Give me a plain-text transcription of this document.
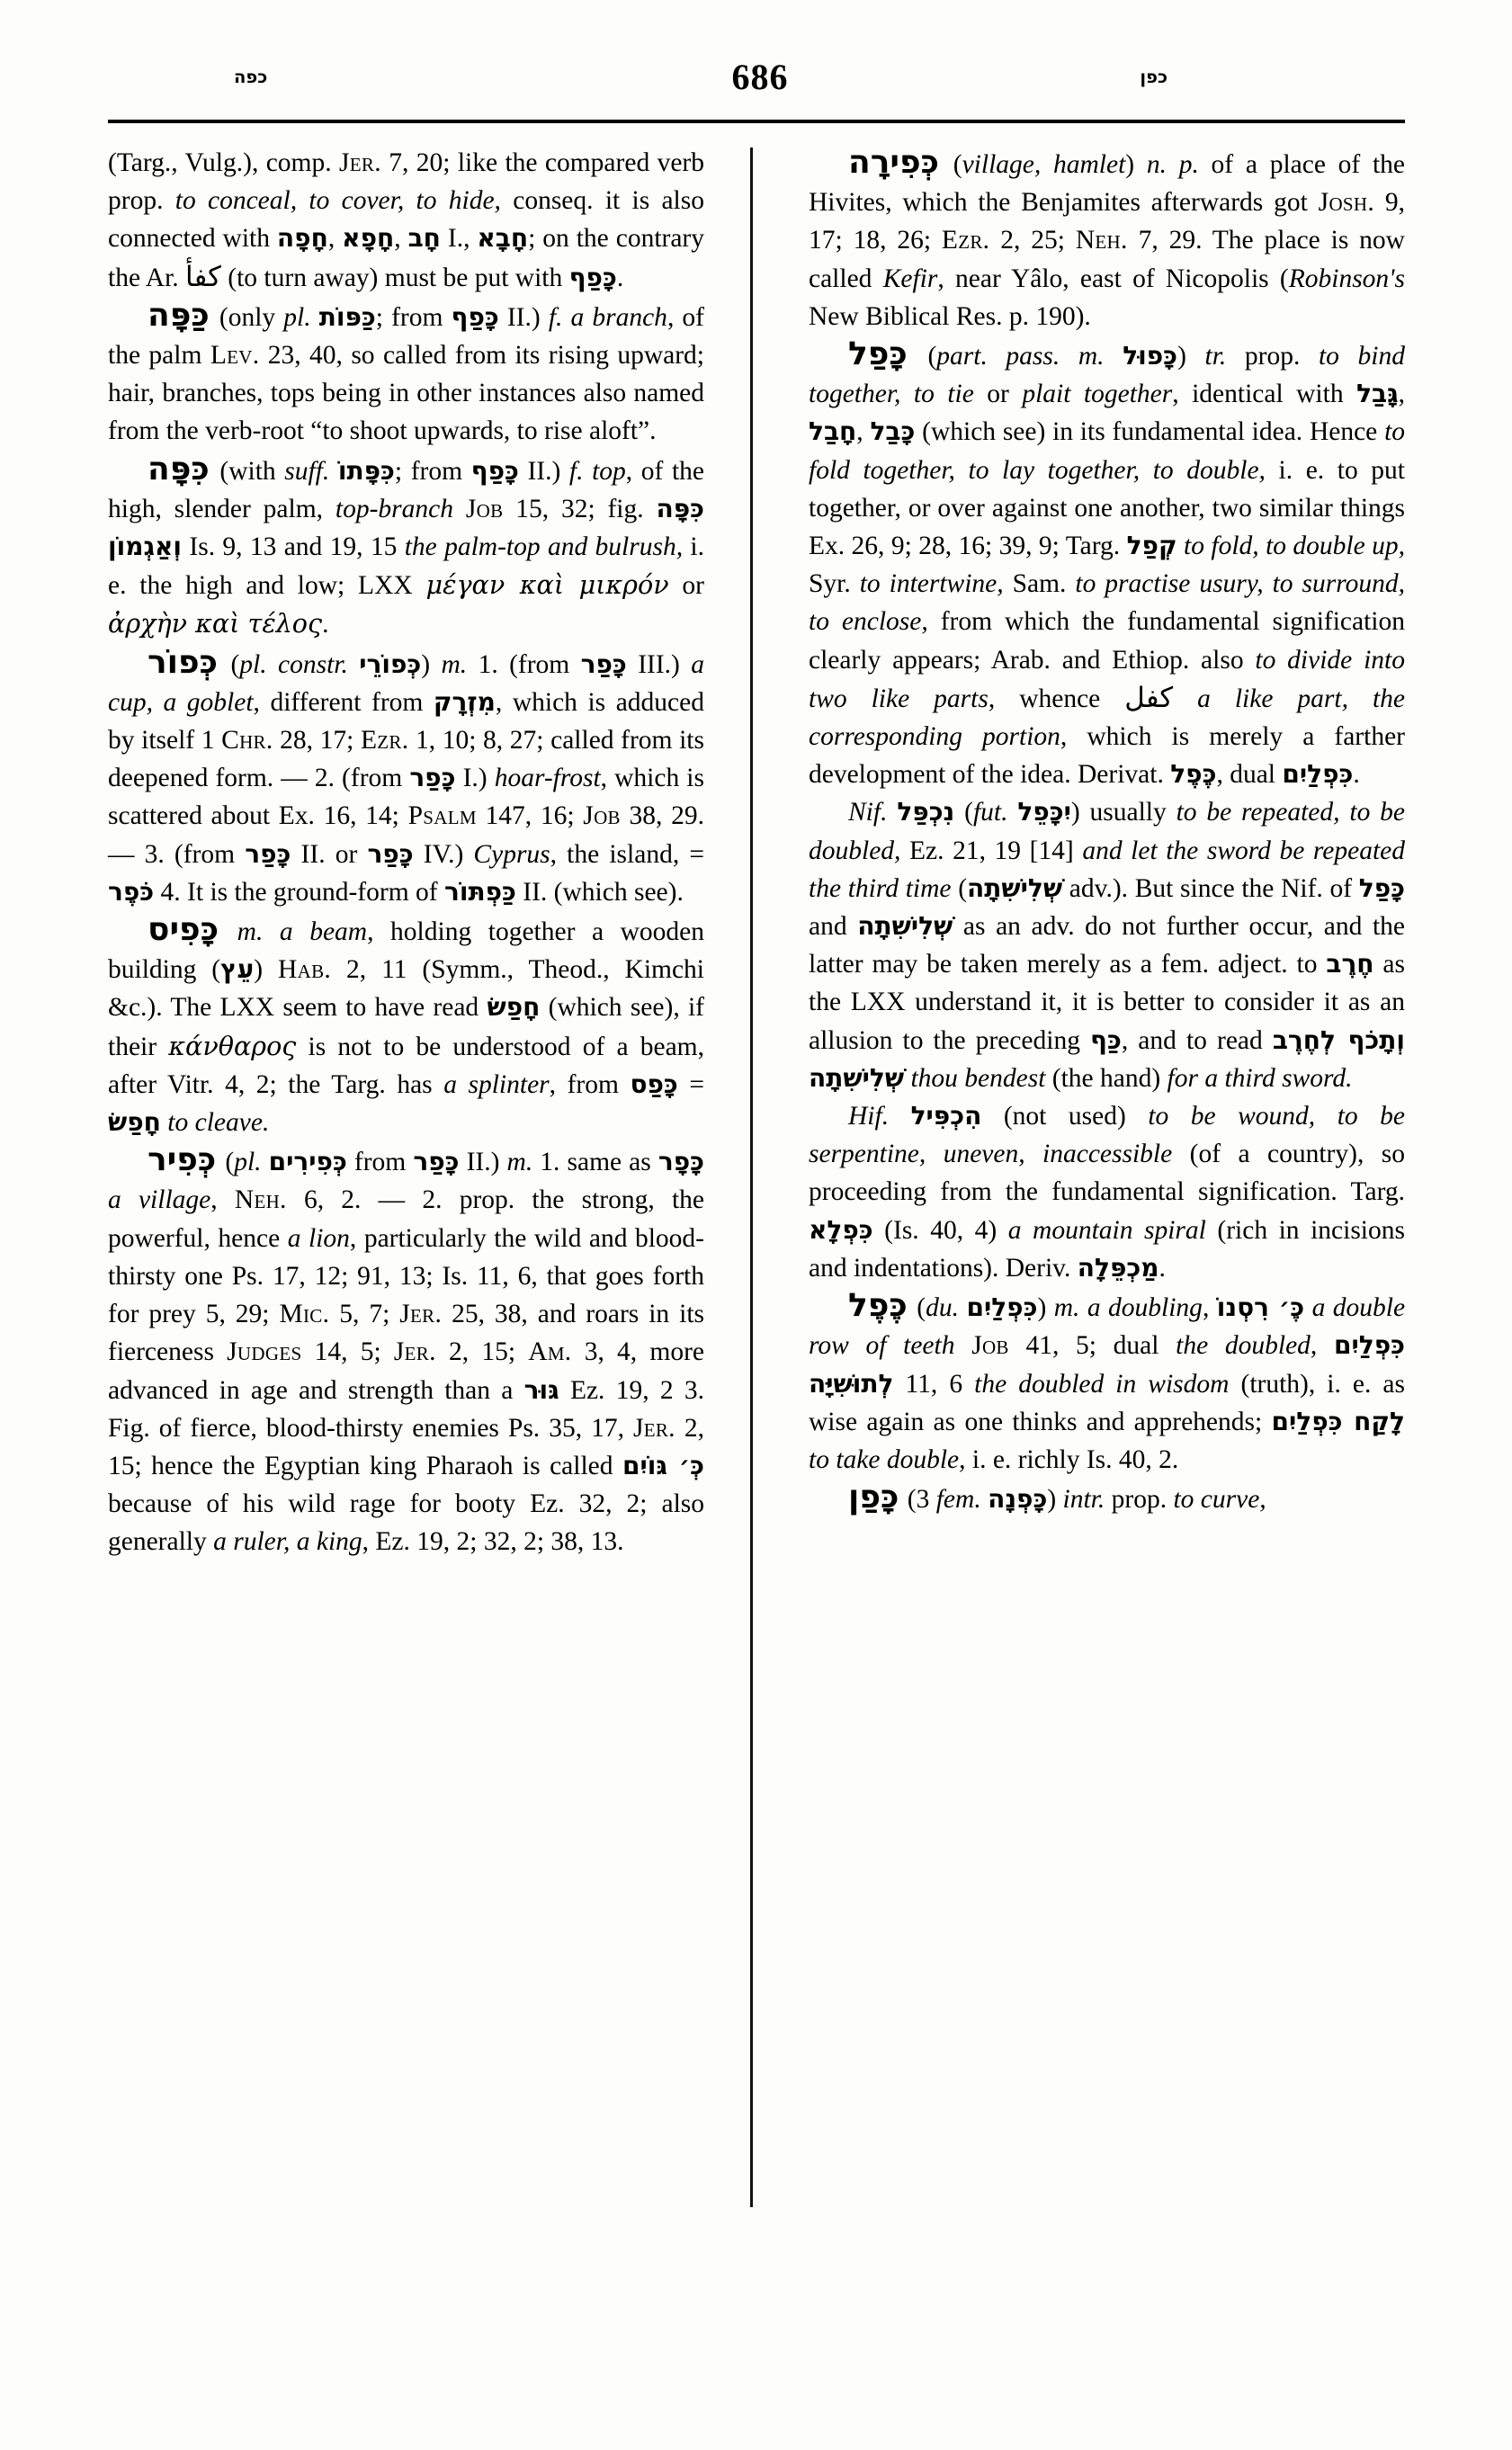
כפה	686	כפן

(Targ., Vulg.), comp. Jer. 7, 20; like the compared verb prop. to conceal, to cover, to hide, conseq. it is also connected with חָפָה, חָפָא, חָב I., חָבָא; on the contrary the Ar. كفأ (to turn away) must be put with כָּפַף.

כַּפָּה (only pl. כַּפּוֹת; from כָּפַף II.) f. a branch, of the palm Lev. 23, 40, so called from its rising upward; hair, branches, tops being in other instances also named from the verb-root “to shoot upwards, to rise aloft”.

כִּפָּה (with suff. כִּפָּתוֹ; from כָּפַף II.) f. top, of the high, slender palm, top-branch Job 15, 32; fig. כִּפָּה וְאַגְמוֹן Is. 9, 13 and 19, 15 the palm-top and bulrush, i. e. the high and low; LXX μέγαν καὶ μικρόν or ἀρχὴν καὶ τέλος.

כְּפוֹר (pl. constr. כְּפוֹרֵי) m. 1. (from כָּפַר III.) a cup, a goblet, different from מִזְרָק, which is adduced by itself 1 Chr. 28, 17; Ezr. 1, 10; 8, 27; called from its deepened form. — 2. (from כָּפַר I.) hoar-frost, which is scattered about Ex. 16, 14; Psalm 147, 16; Job 38, 29. — 3. (from כָּפַר II. or כָּפַר IV.) Cyprus, the island, = כֹּפֶר 4. It is the ground-form of כַּפְתּוֹר II. (which see).

כָּפִיס m. a beam, holding together a wooden building (עֵץ) Hab. 2, 11 (Symm., Theod., Kimchi &c.). The LXX seem to have read חָפַשׂ (which see), if their κάνθαρος is not to be understood of a beam, after Vitr. 4, 2; the Targ. has a splinter, from כָּפַס = חָפַשׂ to cleave.

כְּפִיר (pl. כְּפִירִים from כָּפַר II.) m. 1. same as כָּפָר a village, Neh. 6, 2. — 2. prop. the strong, the powerful, hence a lion, particularly the wild and blood-thirsty one Ps. 17, 12; 91, 13; Is. 11, 6, that goes forth for prey 5, 29; Mic. 5, 7; Jer. 25, 38, and roars in its fierceness Judges 14, 5; Jer. 2, 15; Am. 3, 4, more advanced in age and strength than a גּוּר Ez. 19, 2 3. Fig. of fierce, blood-thirsty enemies Ps. 35, 17, Jer. 2, 15; hence the Egyptian king Pharaoh is called כְּ׳ גּוֹיִם because of his wild rage for booty Ez. 32, 2; also generally a ruler, a king, Ez. 19, 2; 32, 2; 38, 13.

כְּפִירָה (village, hamlet) n. p. of a place of the Hivites, which the Benjamites afterwards got Josh. 9, 17; 18, 26; Ezr. 2, 25; Neh. 7, 29. The place is now called Kefir, near Yâlo, east of Nicopolis (Robinson's New Biblical Res. p. 190).

כָּפַל (part. pass. m. כָּפוּל) tr. prop. to bind together, to tie or plait together, identical with גָּבַל, חָבַל, כָּבַל (which see) in its fundamental idea. Hence to fold together, to lay together, to double, i. e. to put together, or over against one another, two similar things Ex. 26, 9; 28, 16; 39, 9; Targ. קְפַל to fold, to double up, Syr. to intertwine, Sam. to practise usury, to surround, to enclose, from which the fundamental signification clearly appears; Arab. and Ethiop. also to divide into two like parts, whence كفل a like part, the corresponding portion, which is merely a farther development of the idea. Derivat. כֶּפֶל, dual כִּפְלַיִם.

Nif. נִכְפַּל (fut. יִכָּפֵל) usually to be repeated, to be doubled, Ez. 21, 19 [14] and let the sword be repeated the third time (שְׁלִישִׁתָה adv.). But since the Nif. of כָּפַל and שְׁלִישִׁתָה as an adv. do not further occur, and the latter may be taken merely as a fem. adject. to חֶרֶב as the LXX understand it, it is better to consider it as an allusion to the preceding כַּף, and to read וְתָכֹף לְחֶרֶב שְׁלִישִׁתָה thou bendest (the hand) for a third sword.

Hif. הִכְפִּיל (not used) to be wound, to be serpentine, uneven, inaccessible (of a country), so proceeding from the fundamental signification. Targ. כִּפְלָא (Is. 40, 4) a mountain spiral (rich in incisions and indentations). Deriv. מַכְפֵּלָה.

כֶּפֶל (du. כִּפְלַיִם) m. a doubling, כֶּ׳ רִסְנוֹ a double row of teeth Job 41, 5; dual the doubled, כִּפְלַיִם לְתוּשִׁיָּה 11, 6 the doubled in wisdom (truth), i. e. as wise again as one thinks and apprehends; לָקַח כִּפְלַיִם to take double, i. e. richly Is. 40, 2.

כָּפַן (3 fem. כָּפְנָה) intr. prop. to curve,
